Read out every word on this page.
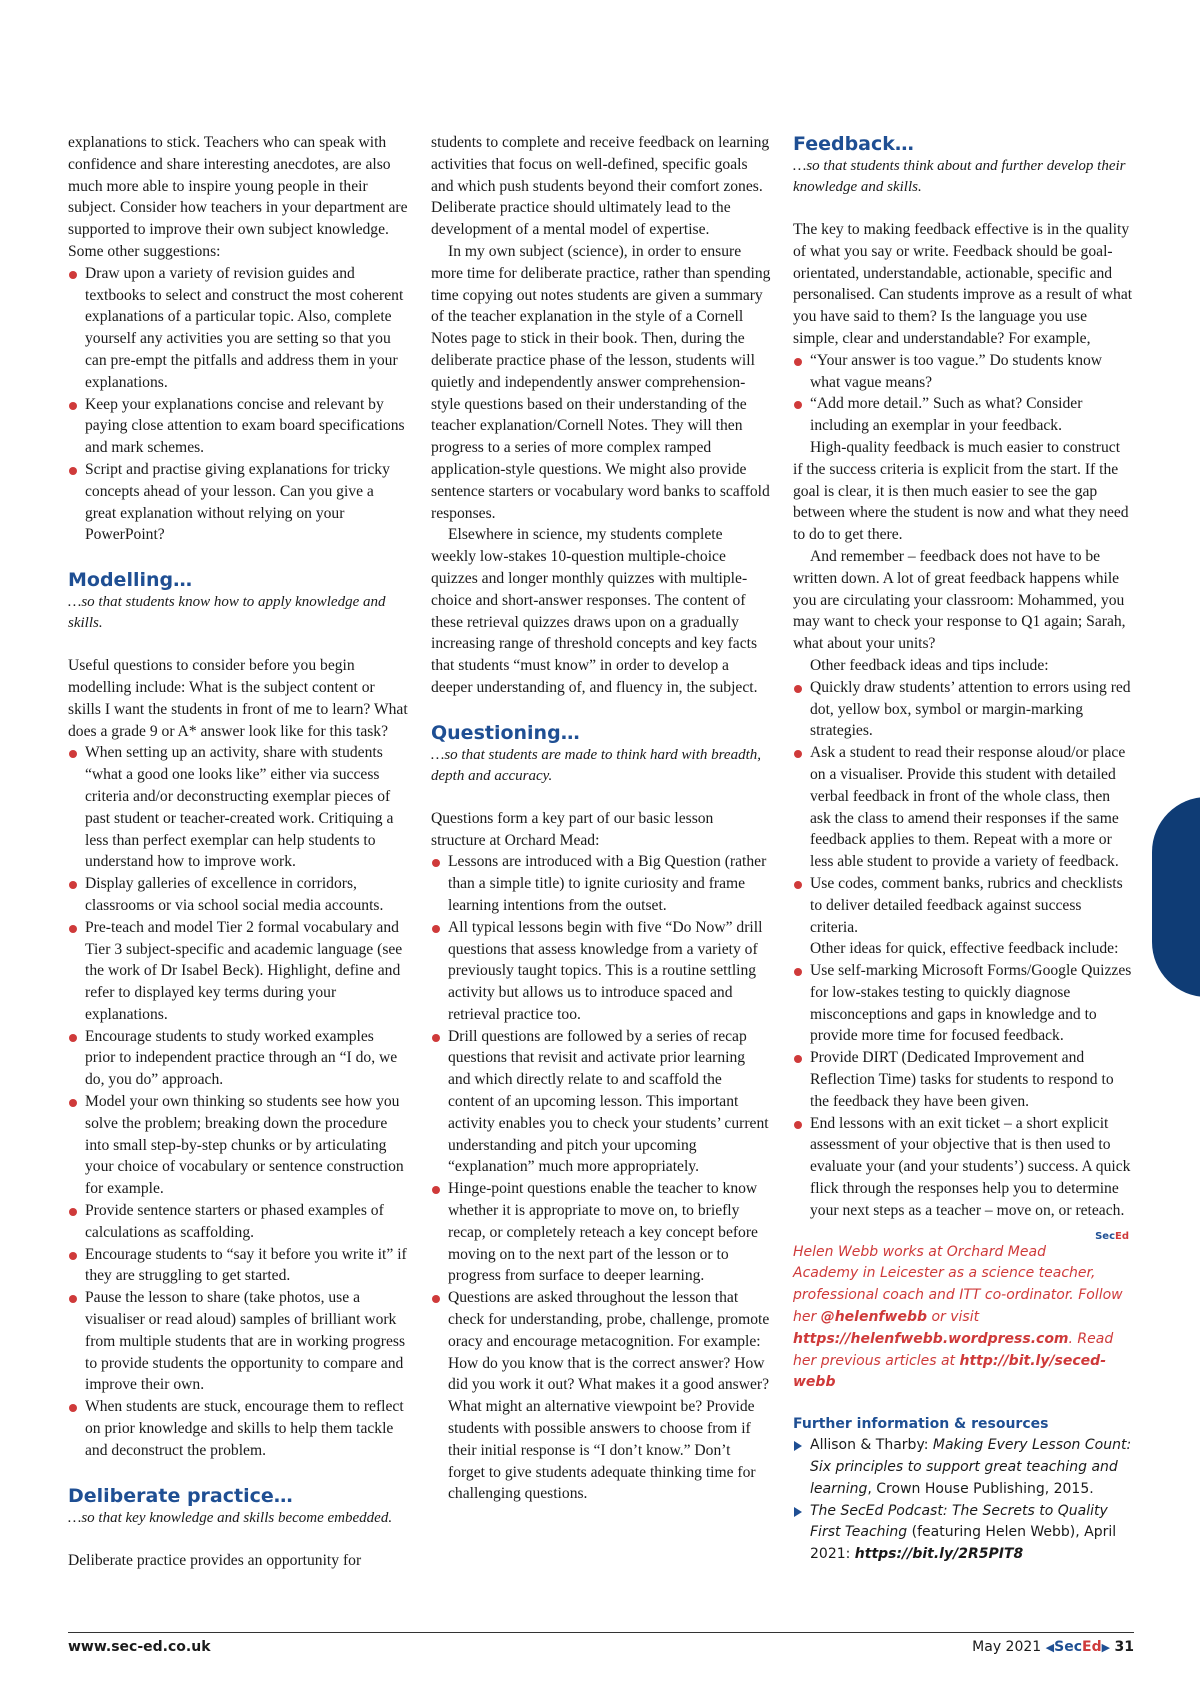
explanations to stick. Teachers who can speak with confidence and share interesting anecdotes, are also much more able to inspire young people in their subject. Consider how teachers in your department are supported to improve their own subject knowledge. Some other suggestions:

Draw upon a variety of revision guides and textbooks to select and construct the most coherent explanations of a particular topic. Also, complete yourself any activities you are setting so that you can pre-empt the pitfalls and address them in your explanations.
Keep your explanations concise and relevant by paying close attention to exam board specifications and mark schemes.
Script and practise giving explanations for tricky concepts ahead of your lesson. Can you give a great explanation without relying on your PowerPoint?
Modelling…

…so that students know how to apply knowledge and skills.

Useful questions to consider before you begin modelling include: What is the subject content or skills I want the students in front of me to learn? What does a grade 9 or A* answer look like for this task?

When setting up an activity, share with students “what a good one looks like” either via success criteria and/or deconstructing exemplar pieces of past student or teacher-created work. Critiquing a less than perfect exemplar can help students to understand how to improve work.
Display galleries of excellence in corridors, classrooms or via school social media accounts.
Pre-teach and model Tier 2 formal vocabulary and Tier 3 subject-specific and academic language (see the work of Dr Isabel Beck). Highlight, define and refer to displayed key terms during your explanations.
Encourage students to study worked examples prior to independent practice through an “I do, we do, you do” approach.
Model your own thinking so students see how you solve the problem; breaking down the procedure into small step-by-step chunks or by articulating your choice of vocabulary or sentence construction for example.
Provide sentence starters or phased examples of calculations as scaffolding.
Encourage students to “say it before you write it” if they are struggling to get started.
Pause the lesson to share (take photos, use a visualiser or read aloud) samples of brilliant work from multiple students that are in working progress to provide students the opportunity to compare and improve their own.
When students are stuck, encourage them to reflect on prior knowledge and skills to help them tackle and deconstruct the problem.
Deliberate practice…

…so that key knowledge and skills become embedded.

Deliberate practice provides an opportunity for

students to complete and receive feedback on learning activities that focus on well-defined, specific goals and which push students beyond their comfort zones. Deliberate practice should ultimately lead to the development of a mental model of expertise.

In my own subject (science), in order to ensure more time for deliberate practice, rather than spending time copying out notes students are given a summary of the teacher explanation in the style of a Cornell Notes page to stick in their book. Then, during the deliberate practice phase of the lesson, students will quietly and independently answer comprehension-style questions based on their understanding of the teacher explanation/Cornell Notes. They will then progress to a series of more complex ramped application-style questions. We might also provide sentence starters or vocabulary word banks to scaffold responses.

Elsewhere in science, my students complete weekly low-stakes 10-question multiple-choice quizzes and longer monthly quizzes with multiple-choice and short-answer responses. The content of these retrieval quizzes draws upon on a gradually increasing range of threshold concepts and key facts that students “must know” in order to develop a deeper understanding of, and fluency in, the subject.

Questioning…

…so that students are made to think hard with breadth, depth and accuracy.

Questions form a key part of our basic lesson structure at Orchard Mead:

Lessons are introduced with a Big Question (rather than a simple title) to ignite curiosity and frame learning intentions from the outset.
All typical lessons begin with five “Do Now” drill questions that assess knowledge from a variety of previously taught topics. This is a routine settling activity but allows us to introduce spaced and retrieval practice too.
Drill questions are followed by a series of recap questions that revisit and activate prior learning and which directly relate to and scaffold the content of an upcoming lesson. This important activity enables you to check your students’ current understanding and pitch your upcoming “explanation” much more appropriately.
Hinge-point questions enable the teacher to know whether it is appropriate to move on, to briefly recap, or completely reteach a key concept before moving on to the next part of the lesson or to progress from surface to deeper learning.
Questions are asked throughout the lesson that check for understanding, probe, challenge, promote oracy and encourage metacognition. For example: How do you know that is the correct answer? How did you work it out? What makes it a good answer? What might an alternative viewpoint be? Provide students with possible answers to choose from if their initial response is “I don’t know.” Don’t forget to give students adequate thinking time for challenging questions.
Feedback…

…so that students think about and further develop their knowledge and skills.

The key to making feedback effective is in the quality of what you say or write. Feedback should be goal-orientated, understandable, actionable, specific and personalised. Can students improve as a result of what you have said to them? Is the language you use simple, clear and understandable? For example,

“Your answer is too vague.” Do students know what vague means?
“Add more detail.” Such as what? Consider including an exemplar in your feedback.

High-quality feedback is much easier to construct if the success criteria is explicit from the start. If the goal is clear, it is then much easier to see the gap between where the student is now and what they need to do to get there.

And remember – feedback does not have to be written down. A lot of great feedback happens while you are circulating your classroom: Mohammed, you may want to check your response to Q1 again; Sarah, what about your units?

Other feedback ideas and tips include:

Quickly draw students’ attention to errors using red dot, yellow box, symbol or margin-marking strategies.
Ask a student to read their response aloud/or place on a visualiser. Provide this student with detailed verbal feedback in front of the whole class, then ask the class to amend their responses if the same feedback applies to them. Repeat with a more or less able student to provide a variety of feedback.
Use codes, comment banks, rubrics and checklists to deliver detailed feedback against success criteria.

Other ideas for quick, effective feedback include:

Use self-marking Microsoft Forms/Google Quizzes for low-stakes testing to quickly diagnose misconceptions and gaps in knowledge and to provide more time for focused feedback.
Provide DIRT (Dedicated Improvement and Reflection Time) tasks for students to respond to the feedback they have been given.
End lessons with an exit ticket – a short explicit assessment of your objective that is then used to evaluate your (and your students’) success. A quick flick through the responses help you to determine your next steps as a teacher – move on, or reteach.
SecEd

Helen Webb works at Orchard Mead Academy in Leicester as a science teacher, professional coach and ITT co-ordinator. Follow her @helenfwebb or visit https://helenfwebb.wordpress.com. Read her previous articles at http://bit.ly/seced-webb

Further information & resources

Allison & Tharby: Making Every Lesson Count: Six principles to support great teaching and learning, Crown House Publishing, 2015.
The SecEd Podcast: The Secrets to Quality First Teaching (featuring Helen Webb), April 2021: https://bit.ly/2R5PIT8
www.sec-ed.co.uk	May 2021 ◀SecEd▶ 31
